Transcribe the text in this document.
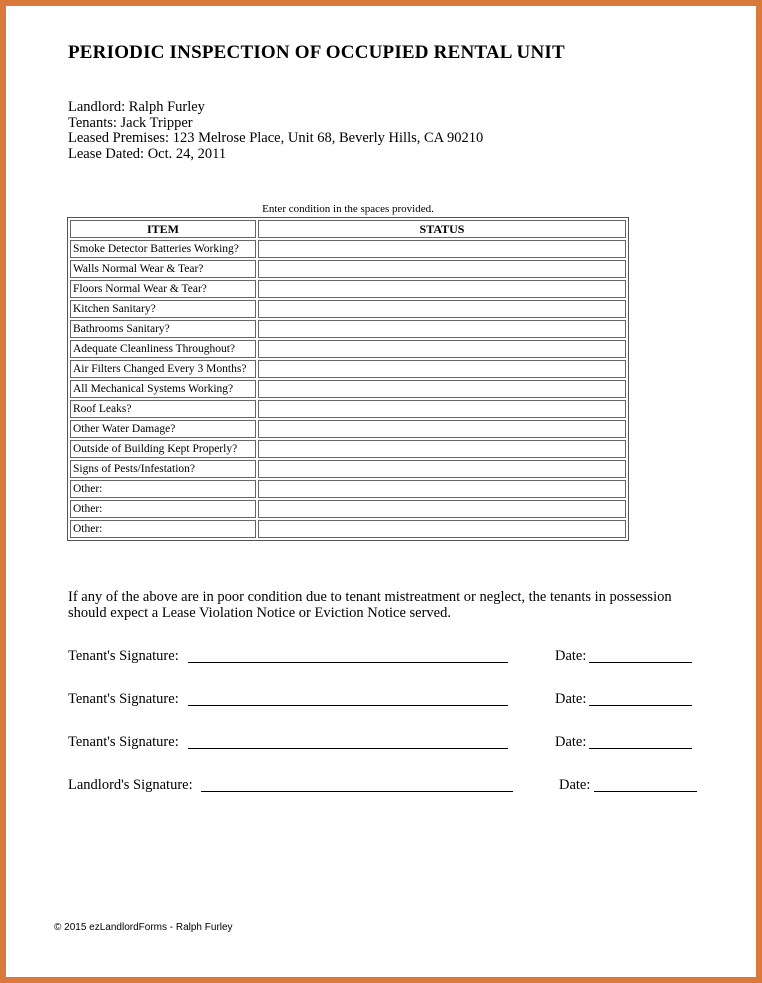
PERIODIC INSPECTION OF OCCUPIED RENTAL UNIT
Landlord: Ralph Furley
Tenants: Jack Tripper
Leased Premises: 123 Melrose Place, Unit 68, Beverly Hills, CA 90210
Lease Dated: Oct. 24, 2011
Enter condition in the spaces provided.
ITEM	STATUS
Smoke Detector Batteries Working?	
Walls Normal Wear & Tear?	
Floors Normal Wear & Tear?	
Kitchen Sanitary?	
Bathrooms Sanitary?	
Adequate Cleanliness Throughout?	
Air Filters Changed Every 3 Months?	
All Mechanical Systems Working?	
Roof Leaks?	
Other Water Damage?	
Outside of Building Kept Properly?	
Signs of Pests/Infestation?	
Other:	
Other:	
Other:	
If any of the above are in poor condition due to tenant mistreatment or neglect, the tenants in possession should expect a Lease Violation Notice or Eviction Notice served.
Tenant's Signature:	Date:
Tenant's Signature:	Date:
Tenant's Signature:	Date:
Landlord's Signature:	Date:
© 2015 ezLandlordForms - Ralph Furley
